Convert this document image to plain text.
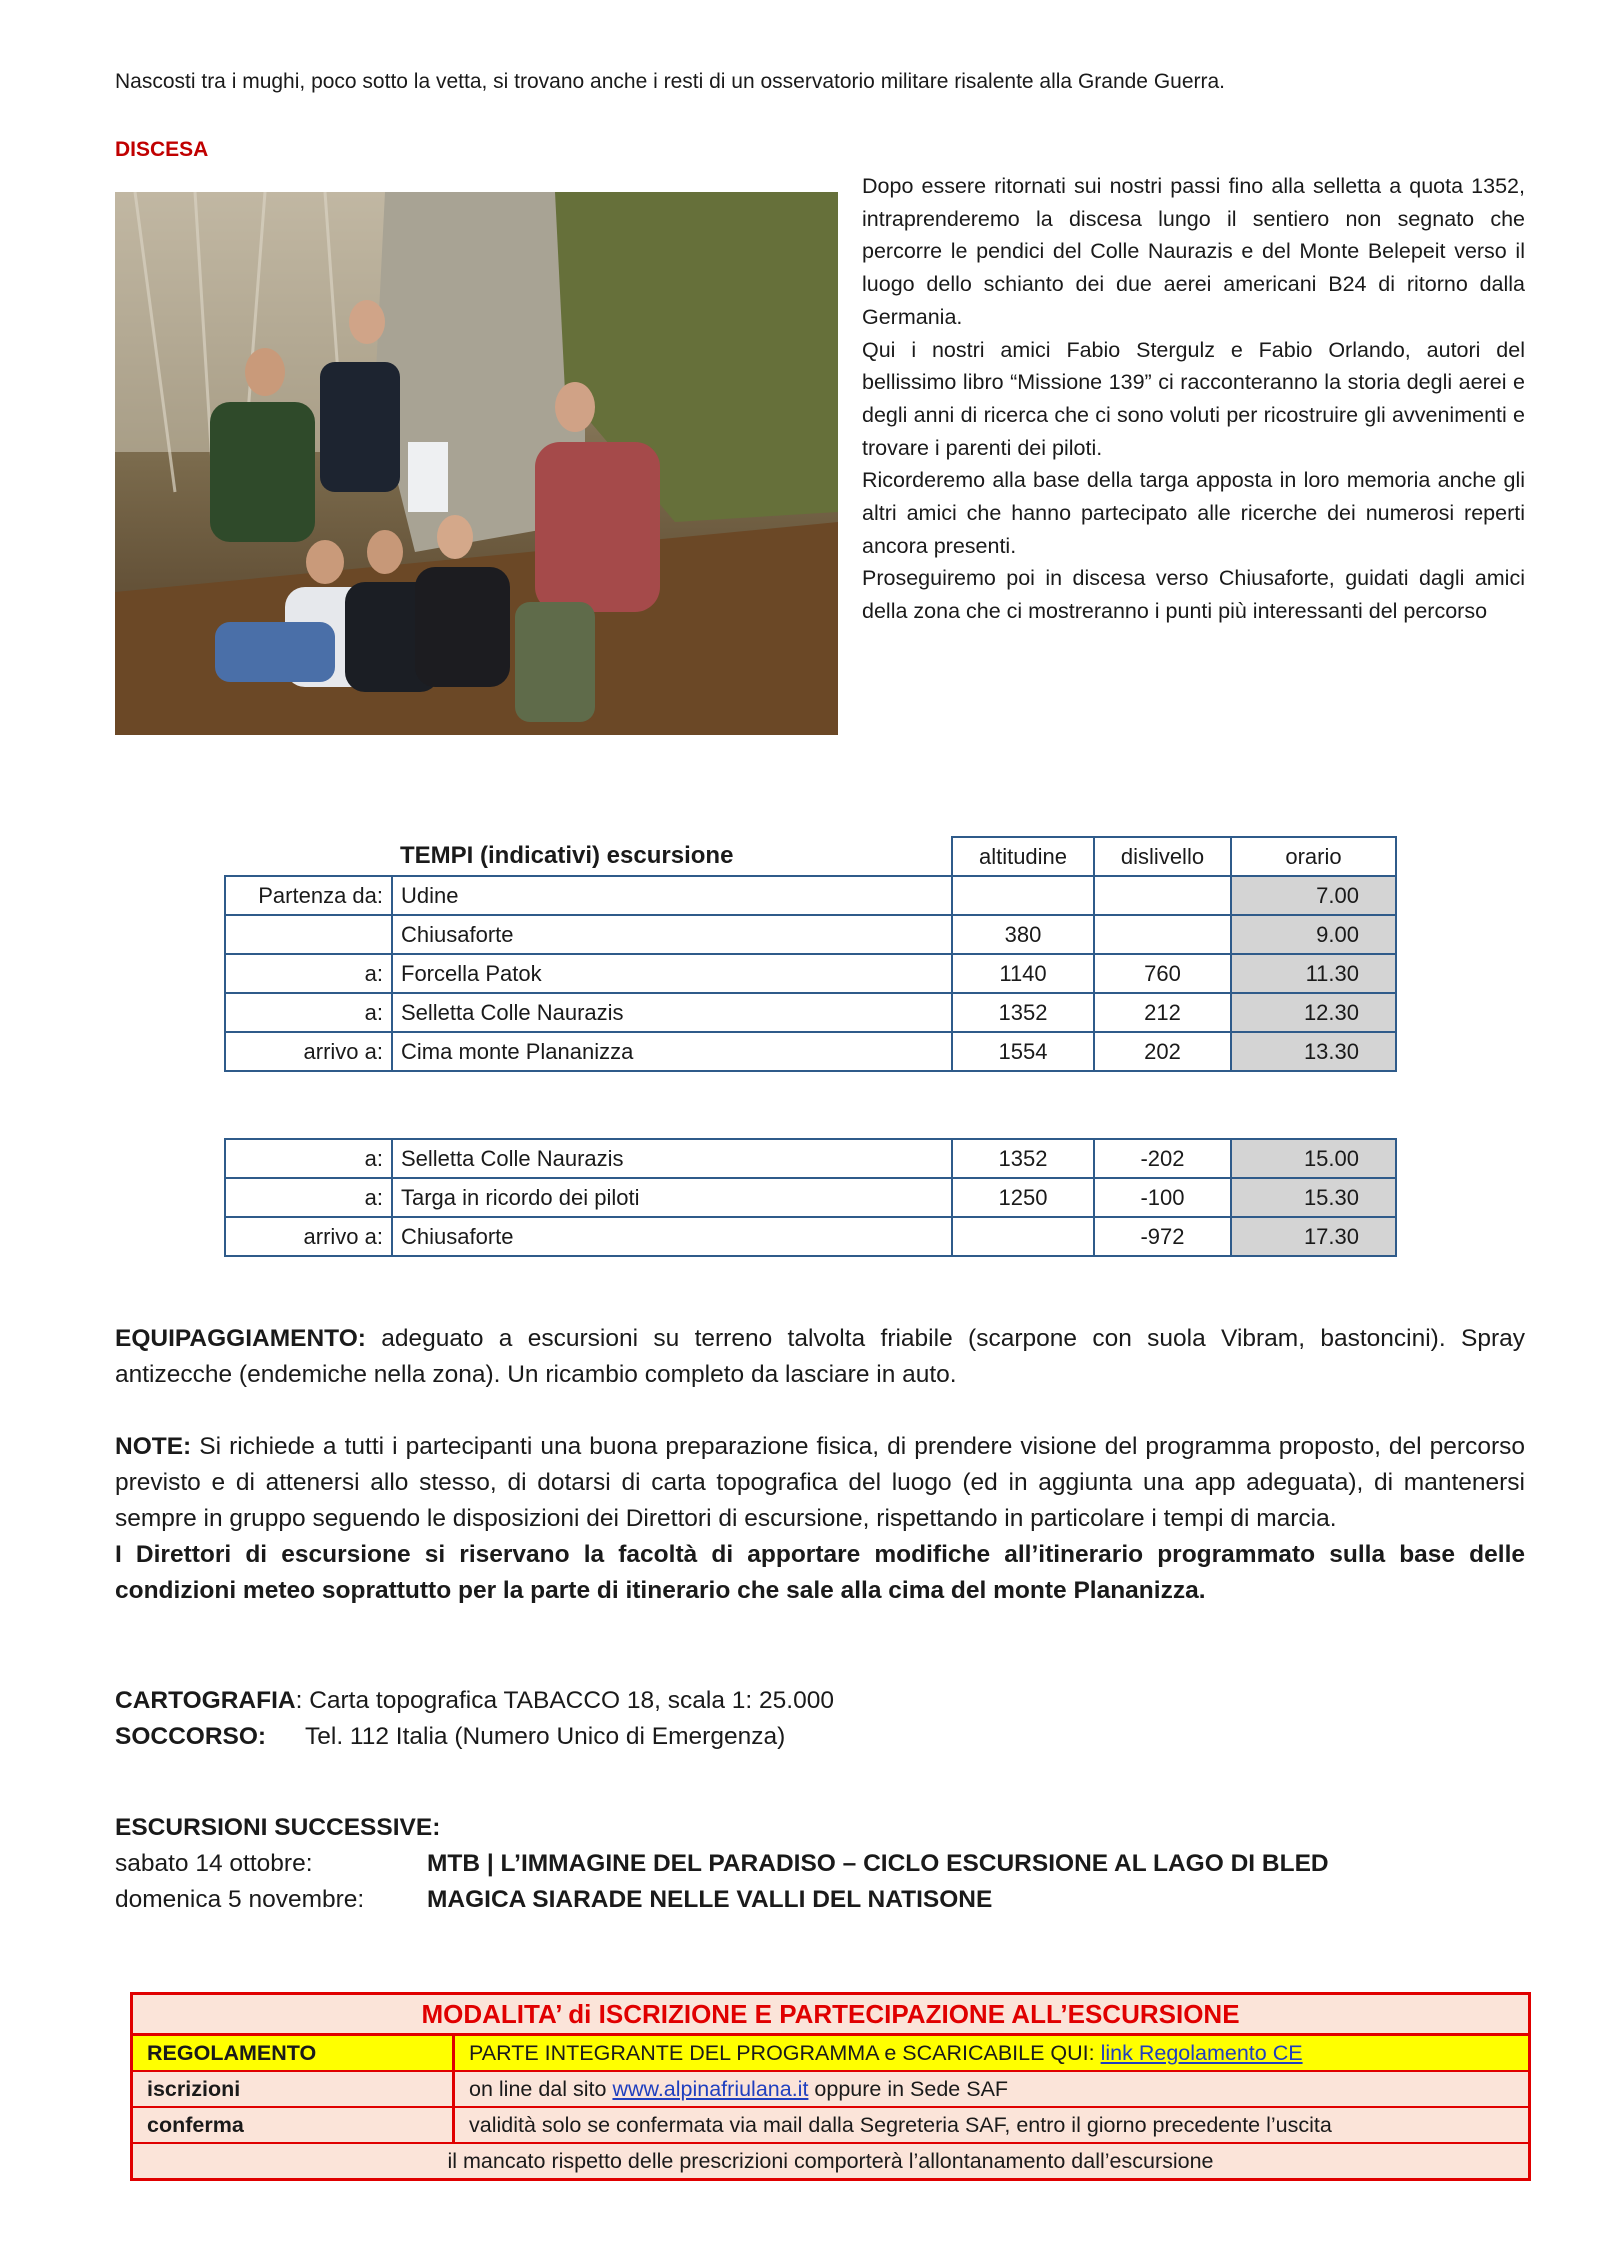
Nascosti tra i mughi, poco sotto la vetta, si trovano anche i resti di un osservatorio militare risalente alla Grande Guerra.
DISCESA

Dopo essere ritornati sui nostri passi fino alla selletta a quota 1352, intraprenderemo la discesa lungo il sentiero non segnato che percorre le pendici del Colle Naurazis e del Monte Belepeit verso il luogo dello schianto dei due aerei americani B24 di ritorno dalla Germania.

Qui i nostri amici Fabio Stergulz e Fabio Orlando, autori del bellissimo libro “Missione 139” ci racconteranno la storia degli aerei e degli anni di ricerca che ci sono voluti per ricostruire gli avvenimenti e trovare i parenti dei piloti.

Ricorderemo alla base della targa apposta in loro memoria anche gli altri amici che hanno partecipato alle ricerche dei numerosi reperti ancora presenti.

Proseguiremo poi in discesa verso Chiusaforte, guidati dagli amici della zona che ci mostreranno i punti più interessanti del percorso

	TEMPI (indicativi) escursione	altitudine	dislivello	orario
Partenza da:	Udine			7.00
	Chiusaforte	380		9.00
a:	Forcella Patok	1140	760	11.30
a:	Selletta Colle Naurazis	1352	212	12.30
arrivo a:	Cima monte Plananizza	1554	202	13.30
a:	Selletta Colle Naurazis	1352	-202	15.00
a:	Targa in ricordo dei piloti	1250	-100	15.30
arrivo a:	Chiusaforte		-972	17.30
EQUIPAGGIAMENTO: adeguato a escursioni su terreno talvolta friabile (scarpone con suola Vibram, bastoncini). Spray antizecche (endemiche nella zona). Un ricambio completo da lasciare in auto.
NOTE: Si richiede a tutti i partecipanti una buona preparazione fisica, di prendere visione del programma proposto, del percorso previsto e di attenersi allo stesso, di dotarsi di carta topografica del luogo (ed in aggiunta una app adeguata), di mantenersi sempre in gruppo seguendo le disposizioni dei Direttori di escursione, rispettando in particolare i tempi di marcia.
I Direttori di escursione si riservano la facoltà di apportare modifiche all’itinerario programmato sulla base delle condizioni meteo soprattutto per la parte di itinerario che sale alla cima del monte Plananizza.
CARTOGRAFIA: Carta topografica TABACCO 18, scala 1: 25.000
SOCCORSO: Tel. 112 Italia (Numero Unico di Emergenza)
ESCURSIONI SUCCESSIVE:
sabato 14 ottobre:	MTB | L’IMMAGINE DEL PARADISO – CICLO ESCURSIONE AL LAGO DI BLED
domenica 5 novembre:	MAGICA SIARADE NELLE VALLI DEL NATISONE
MODALITA’ di ISCRIZIONE E PARTECIPAZIONE ALL’ESCURSIONE
REGOLAMENTO	PARTE INTEGRANTE DEL PROGRAMMA e SCARICABILE QUI: link Regolamento CE
iscrizioni	on line dal sito www.alpinafriulana.it oppure in Sede SAF
conferma	validità solo se confermata via mail dalla Segreteria SAF, entro il giorno precedente l’uscita
il mancato rispetto delle prescrizioni comporterà l’allontanamento dall’escursione
